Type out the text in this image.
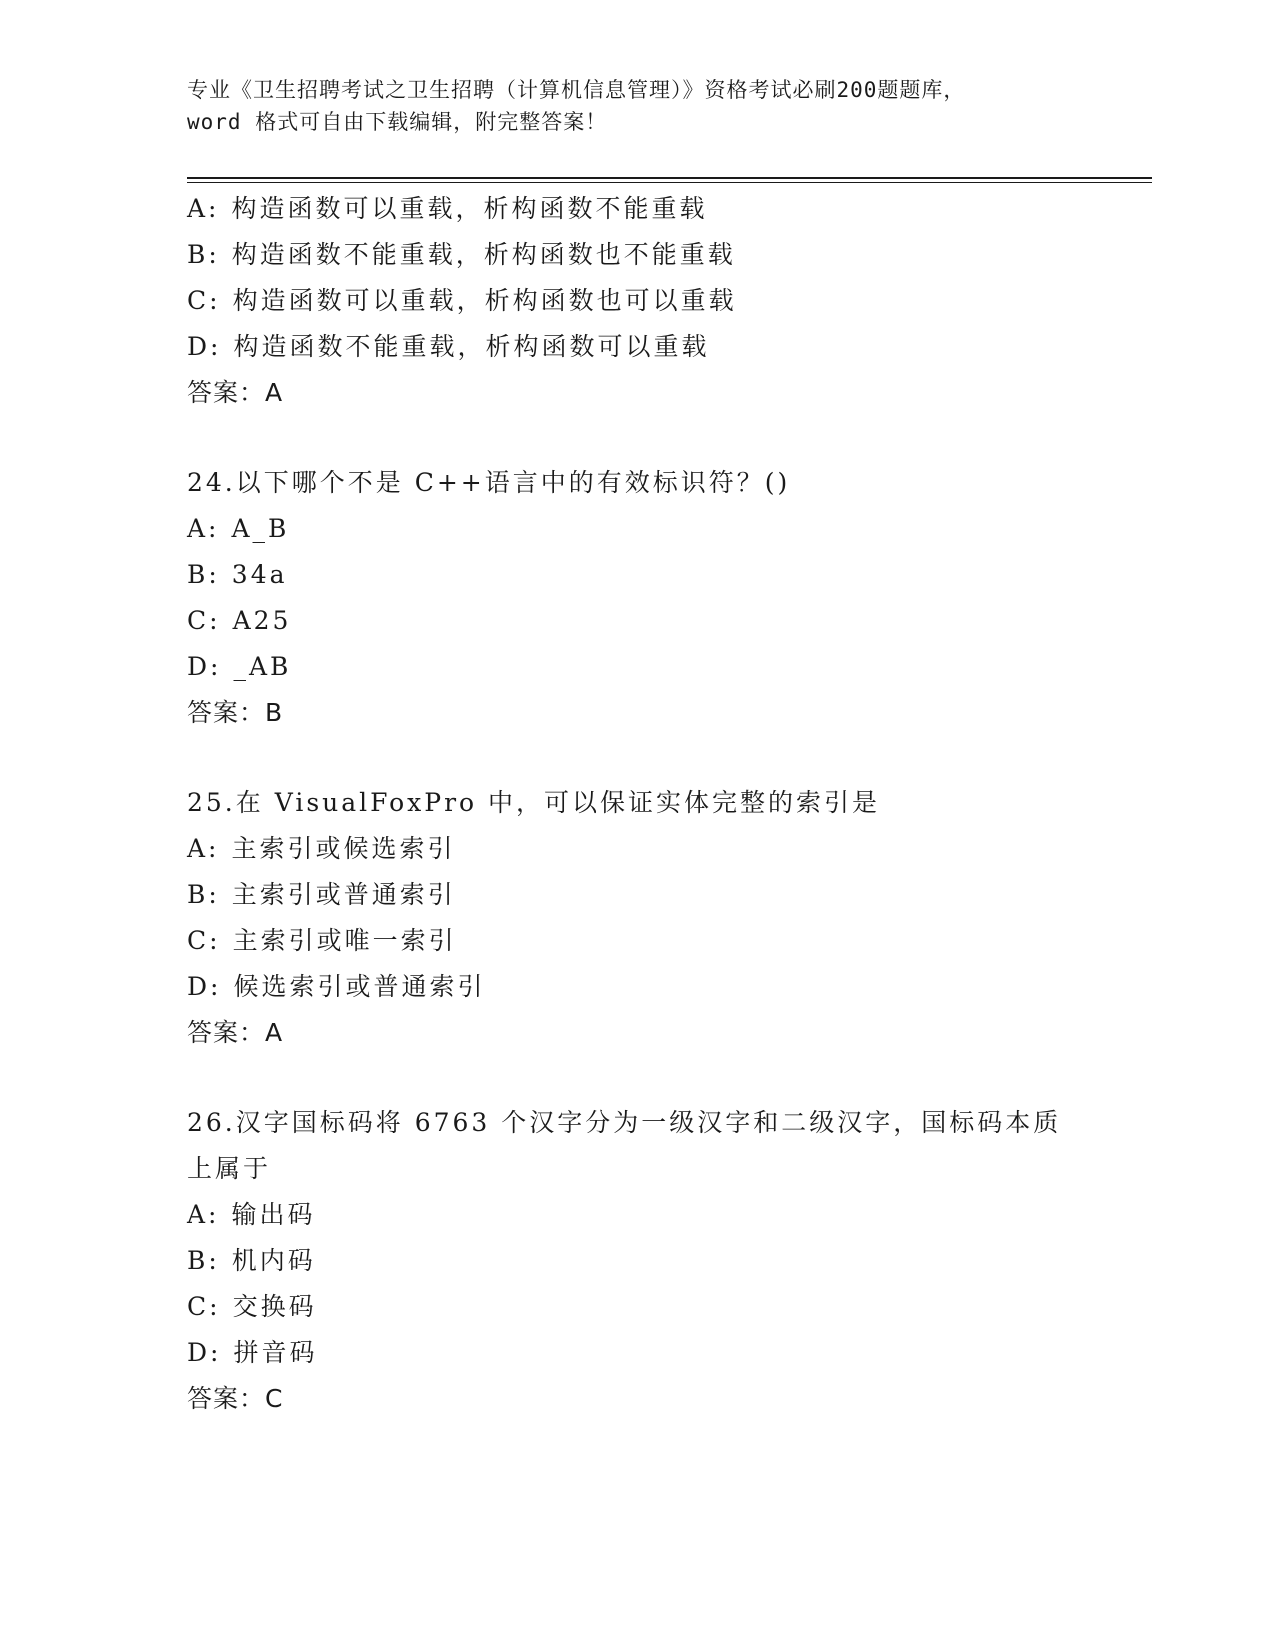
专业《卫生招聘考试之卫生招聘（计算机信息管理）》资格考试必刷200题题库，
word 格式可自由下载编辑，附完整答案！
A: 构造函数可以重载，析构函数不能重载
B: 构造函数不能重载，析构函数也不能重载
C: 构造函数可以重载，析构函数也可以重载
D: 构造函数不能重载，析构函数可以重载
答案：A
24.以下哪个不是 C++语言中的有效标识符？()
A: A_B
B: 34a
C: A25
D: _AB
答案：B
25.在 VisualFoxPro 中，可以保证实体完整的索引是
A: 主索引或候选索引
B: 主索引或普通索引
C: 主索引或唯一索引
D: 候选索引或普通索引
答案：A
26.汉字国标码将 6763 个汉字分为一级汉字和二级汉字，国标码本质
上属于
A: 输出码
B: 机内码
C: 交换码
D: 拼音码
答案：C
